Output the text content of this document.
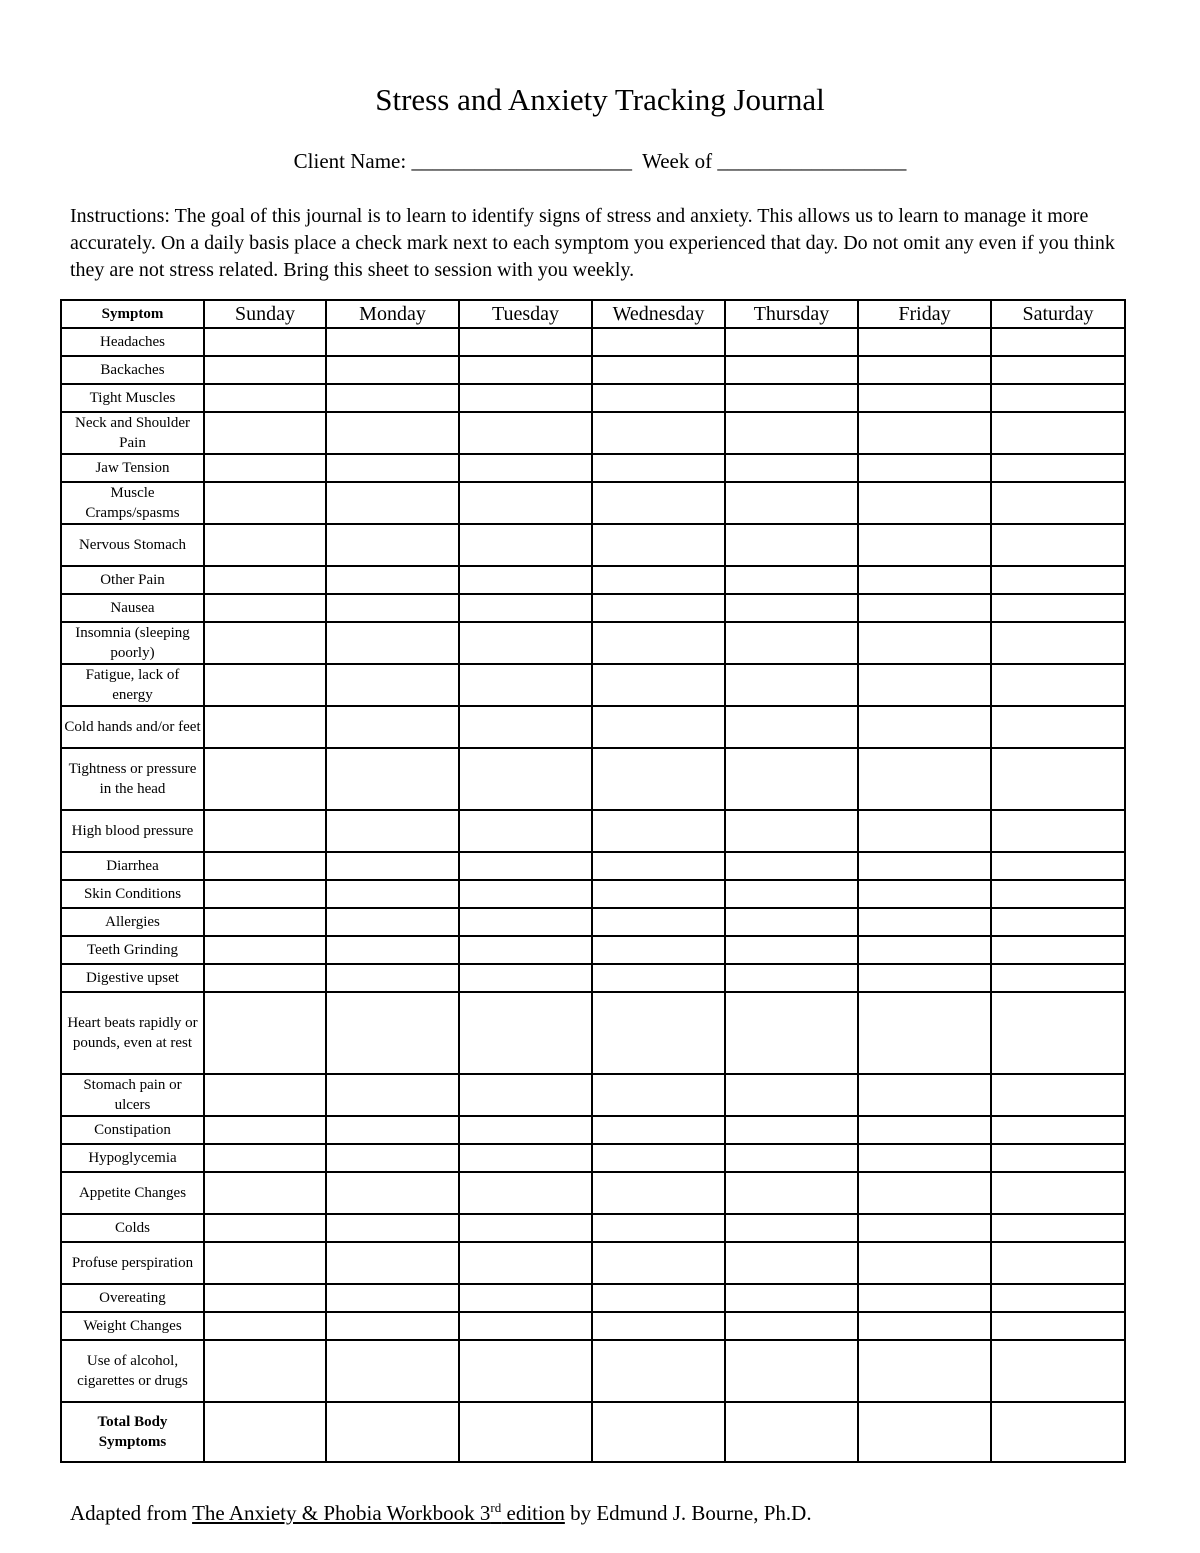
Stress and Anxiety Tracking Journal
Client Name: _____________________  Week of __________________
Instructions: The goal of this journal is to learn to identify signs of stress and anxiety. This allows us to learn to manage it more accurately. On a daily basis place a check mark next to each symptom you experienced that day. Do not omit any even if you think they are not stress related. Bring this sheet to session with you weekly.
Symptom	Sunday	Monday	Tuesday	Wednesday	Thursday	Friday	Saturday
Headaches							
Backaches							
Tight Muscles							
Neck and Shoulder Pain							
Jaw Tension							
Muscle Cramps/spasms							
Nervous Stomach							
Other Pain							
Nausea							
Insomnia (sleeping poorly)							
Fatigue, lack of energy							
Cold hands and/or feet							
Tightness or pressure in the head							
High blood pressure							
Diarrhea							
Skin Conditions							
Allergies							
Teeth Grinding							
Digestive upset							
Heart beats rapidly or pounds, even at rest							
Stomach pain or ulcers							
Constipation							
Hypoglycemia							
Appetite Changes							
Colds							
Profuse perspiration							
Overeating							
Weight Changes							
Use of alcohol, cigarettes or drugs							
Total Body Symptoms							
Adapted from The Anxiety & Phobia Workbook 3rd edition by Edmund J. Bourne, Ph.D.
